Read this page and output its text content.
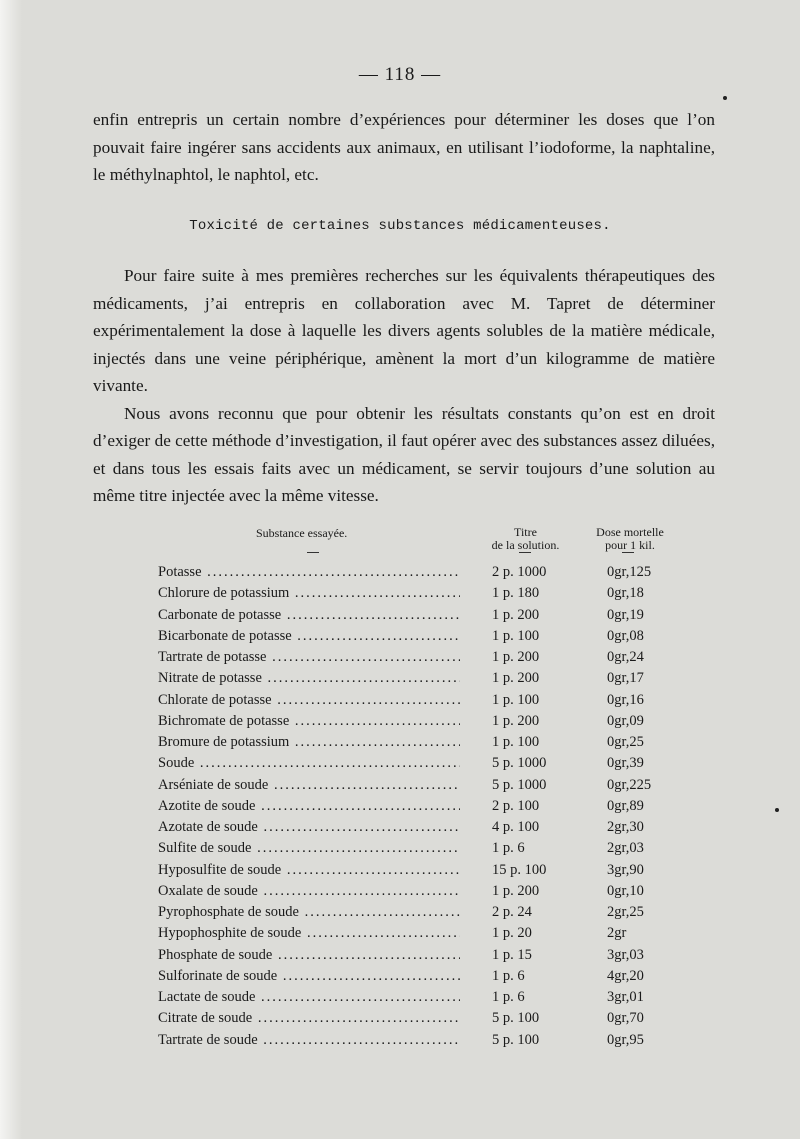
— 118 —

enfin entrepris un certain nombre d’expériences pour déterminer les doses que l’on pouvait faire ingérer sans accidents aux animaux, en utilisant l’iodoforme, la naphtaline, le méthylnaphtol, le naphtol, etc.

Toxicité de certaines substances médicamenteuses.

Pour faire suite à mes premières recherches sur les équivalents thérapeutiques des médicaments, j’ai entrepris en collaboration avec M. Tapret de déterminer expérimentalement la dose à laquelle les divers agents solubles de la matière médicale, injectés dans une veine périphérique, amènent la mort d’un kilogramme de matière vivante.

Nous avons reconnu que pour obtenir les résultats constants qu’on est en droit d’exiger de cette méthode d’investigation, il faut opérer avec des substances assez diluées, et dans tous les essais faits avec un médicament, se servir toujours d’une solution au même titre injectée avec la même vitesse.

Substance essayée.	Titre
de la solution.
Dose mortelle
pour 1 kil.
Potasse .....	2 p. 1000	0gr,125
Chlorure de potassium .....	1 p. 180	0gr,18
Carbonate de potasse .....	1 p. 200	0gr,19
Bicarbonate de potasse .....	1 p. 100	0gr,08
Tartrate de potasse .....	1 p. 200	0gr,24
Nitrate de potasse .....	1 p. 200	0gr,17
Chlorate de potasse .....	1 p. 100	0gr,16
Bichromate de potasse .....	1 p. 200	0gr,09
Bromure de potassium .....	1 p. 100	0gr,25
Soude .....	5 p. 1000	0gr,39
Arséniate de soude .....	5 p. 1000	0gr,225
Azotite de soude .....	2 p. 100	0gr,89
Azotate de soude .....	4 p. 100	2gr,30
Sulfite de soude .....	1 p. 6	2gr,03
Hyposulfite de soude .....	15 p. 100	3gr,90
Oxalate de soude .....	1 p. 200	0gr,10
Pyrophosphate de soude .....	2 p. 24	2gr,25
Hypophosphite de soude .....	1 p. 20	2gr
Phosphate de soude .....	1 p. 15	3gr,03
Sulforinate de soude .....	1 p. 6	4gr,20
Lactate de soude .....	1 p. 6	3gr,01
Citrate de soude .....	5 p. 100	0gr,70
Tartrate de soude .....	5 p. 100	0gr,95
